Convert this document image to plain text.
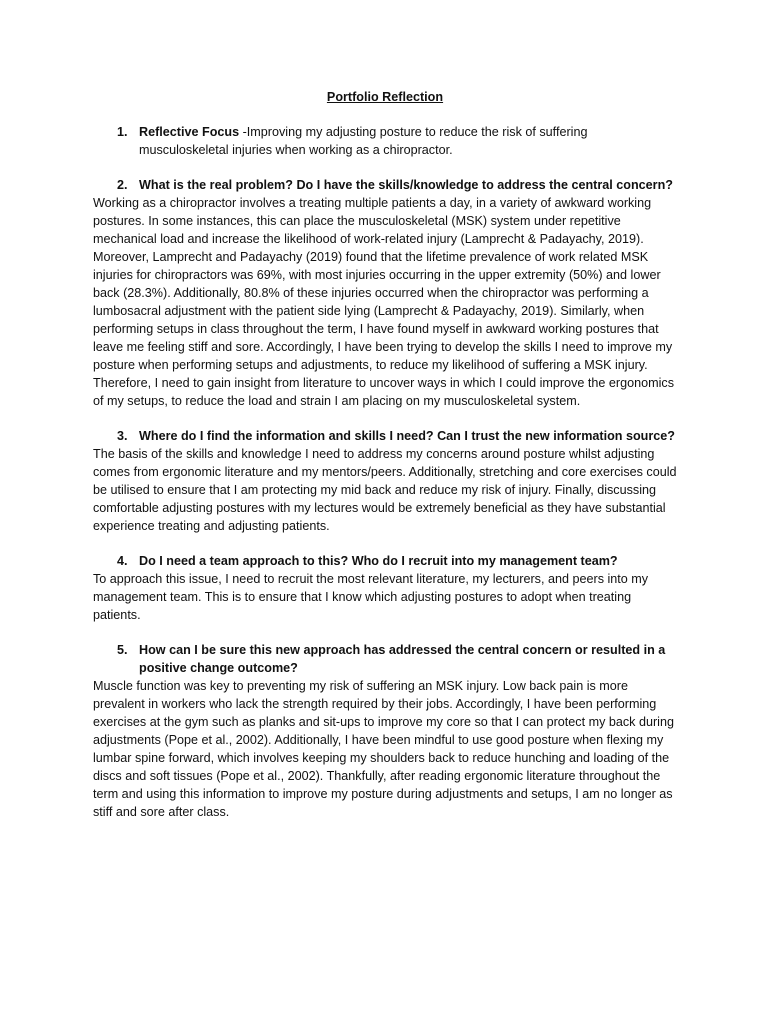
Portfolio Reflection

1. Reflective Focus -Improving my adjusting posture to reduce the risk of suffering musculoskeletal injuries when working as a chiropractor.
2. What is the real problem? Do I have the skills/knowledge to address the central concern?

Working as a chiropractor involves a treating multiple patients a day, in a variety of awkward working postures. In some instances, this can place the musculoskeletal (MSK) system under repetitive mechanical load and increase the likelihood of work-related injury (Lamprecht & Padayachy, 2019). Moreover, Lamprecht and Padayachy (2019) found that the lifetime prevalence of work related MSK injuries for chiropractors was 69%, with most injuries occurring in the upper extremity (50%) and lower back (28.3%). Additionally, 80.8% of these injuries occurred when the chiropractor was performing a lumbosacral adjustment with the patient side lying (Lamprecht & Padayachy, 2019). Similarly, when performing setups in class throughout the term, I have found myself in awkward working postures that leave me feeling stiff and sore. Accordingly, I have been trying to develop the skills I need to improve my posture when performing setups and adjustments, to reduce my likelihood of suffering a MSK injury. Therefore, I need to gain insight from literature to uncover ways in which I could improve the ergonomics of my setups, to reduce the load and strain I am placing on my musculoskeletal system.

3. Where do I find the information and skills I need? Can I trust the new information source?

The basis of the skills and knowledge I need to address my concerns around posture whilst adjusting comes from ergonomic literature and my mentors/peers. Additionally, stretching and core exercises could be utilised to ensure that I am protecting my mid back and reduce my risk of injury. Finally, discussing comfortable adjusting postures with my lectures would be extremely beneficial as they have substantial experience treating and adjusting patients.

4. Do I need a team approach to this? Who do I recruit into my management team?

To approach this issue, I need to recruit the most relevant literature, my lecturers, and peers into my management team. This is to ensure that I know which adjusting postures to adopt when treating patients.

5. How can I be sure this new approach has addressed the central concern or resulted in a positive change outcome?

Muscle function was key to preventing my risk of suffering an MSK injury. Low back pain is more prevalent in workers who lack the strength required by their jobs. Accordingly, I have been performing exercises at the gym such as planks and sit-ups to improve my core so that I can protect my back during adjustments (Pope et al., 2002). Additionally, I have been mindful to use good posture when flexing my lumbar spine forward, which involves keeping my shoulders back to reduce hunching and loading of the discs and soft tissues (Pope et al., 2002). Thankfully, after reading ergonomic literature throughout the term and using this information to improve my posture during adjustments and setups, I am no longer as stiff and sore after class.
